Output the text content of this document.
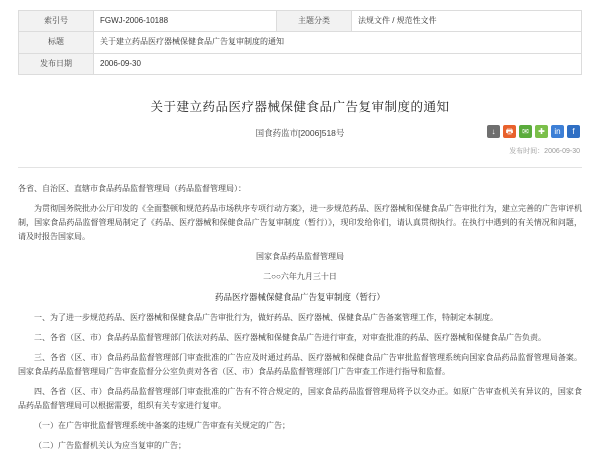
索引号	FGWJ-2006-10188	主题分类	法规文件 / 规范性文件
标题	关于建立药品医疗器械保健食品广告复审制度的通知		
发布日期	2006-09-30		
关于建立药品医疗器械保健食品广告复审制度的通知
国食药监市[2006]518号	↓	🖶	✉	✚	in	f
发布时间：2006-09-30

各省、自治区、直辖市食品药品监督管理局（药品监督管理局）：

为贯彻国务院批办公厅印发的《全面整顿和规范药品市场秩序专项行动方案》，进一步规范药品、医疗器械和保健食品广告审批行为，建立完善的广告审评机制，国家食品药品监督管理局制定了《药品、医疗器械和保健食品广告复审制度（暂行）》，现印发给你们，请认真贯彻执行。在执行中遇到的有关情况和问题，请及时报告国家局。

国家食品药品监督管理局

二○○六年九月三十日

药品医疗器械保健食品广告复审制度（暂行）

一、为了进一步规范药品、医疗器械和保健食品广告审批行为，做好药品、医疗器械、保健食品广告备案管理工作，特制定本制度。

二、各省（区、市）食品药品监督管理部门依法对药品、医疗器械和保健食品广告进行审查，对审查批准的药品、医疗器械和保健食品广告负责。

三、各省（区、市）食品药品监督管理部门审查批准的广告应及时通过药品、医疗器械和保健食品广告审批监督管理系统向国家食品药品监督管理局备案。国家食品药品监督管理局广告审查监督分公室负责对各省（区、市）食品药品监督管理部门广告审查工作进行指导和监督。

四、各省（区、市）食品药品监督管理部门审查批准的广告有不符合规定的，国家食品药品监督管理局将予以交办正。如原广告审查机关有异议的，国家食品药品监督管理局可以根据需要，组织有关专家进行复审。

（一）在广告审批监督管理系统中备案的违规广告审查有关规定的广告；

（二）广告监督机关认为应当复审的广告；
